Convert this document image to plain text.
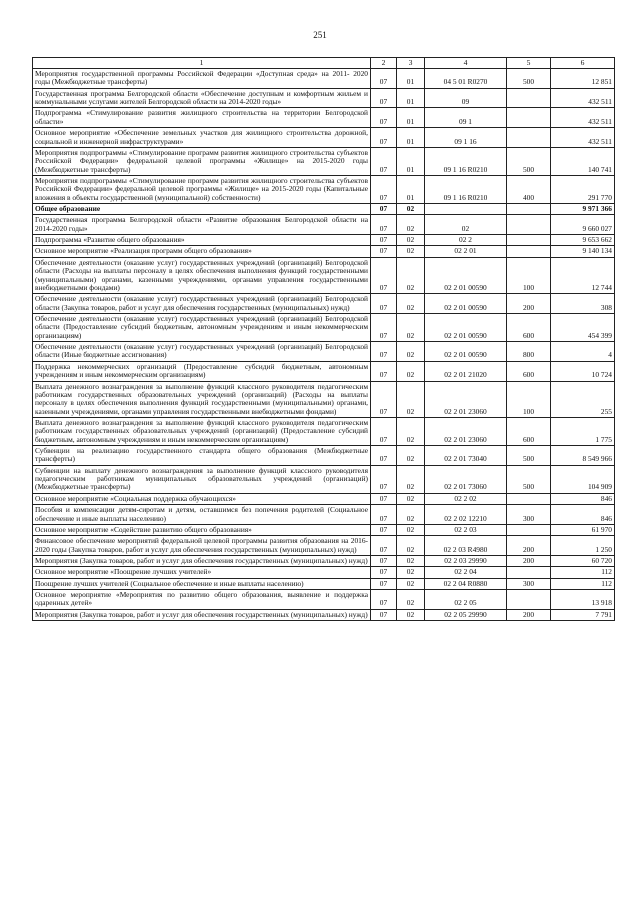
251
1	2	3	4	5	6
Мероприятия государственной программы Российской Федерации «Доступная среда» на 2011- 2020 годы (Межбюджетные трансферты)	07	01	04 5 01 R0270	500	12 851
Государственная программа Белгородской области «Обеспечение доступным и комфортным жильем и коммунальными услугами жителей Белгородской области на 2014-2020 годы»	07	01	09		432 511
Подпрограмма «Стимулирование развития жилищного строительства на территории Белгородской области»	07	01	09 1		432 511
Основное мероприятие «Обеспечение земельных участков для жилищного строительства дорожной, социальной и инженерной инфраструктурами»	07	01	09 1 16		432 511
Мероприятия подпрограммы «Стимулирование программ развития жилищного строительства субъектов Российской Федерации» федеральной целевой программы «Жилище» на 2015-2020 годы (Межбюджетные трансферты)	07	01	09 1 16 R0210	500	140 741
Мероприятия подпрограммы «Стимулирование программ развития жилищного строительства субъектов Российской Федерации» федеральной целевой программы «Жилище» на 2015-2020 годы (Капитальные вложения в объекты государственной (муниципальной) собственности)	07	01	09 1 16 R0210	400	291 770
Общее образование	07	02			9 971 366
Государственная программа Белгородской области «Развитие образования Белгородской области на 2014-2020 годы»	07	02	02		9 660 027
Подпрограмма «Развитие общего образования»	07	02	02 2		9 653 662
Основное мероприятие «Реализация программ общего образования»	07	02	02 2 01		9 140 134
Обеспечение деятельности (оказание услуг) государственных учреждений (организаций) Белгородской области (Расходы на выплаты персоналу в целях обеспечения выполнения функций государственными (муниципальными) органами, казенными учреждениями, органами управления государственными внебюджетными фондами)	07	02	02 2 01 00590	100	12 744
Обеспечение деятельности (оказание услуг) государственных учреждений (организаций) Белгородской области (Закупка товаров, работ и услуг для обеспечения государственных (муниципальных) нужд)	07	02	02 2 01 00590	200	308
Обеспечение деятельности (оказание услуг) государственных учреждений (организаций) Белгородской области (Предоставление субсидий бюджетным, автономным учреждениям и иным некоммерческим организациям)	07	02	02 2 01 00590	600	454 399
Обеспечение деятельности (оказание услуг) государственных учреждений (организаций) Белгородской области (Иные бюджетные ассигнования)	07	02	02 2 01 00590	800	4
Поддержка некоммерческих организаций (Предоставление субсидий бюджетным, автономным учреждениям и иным некоммерческим организациям)	07	02	02 2 01 21020	600	10 724
Выплата денежного вознаграждения за выполнение функций классного руководителя педагогическим работникам государственных образовательных учреждений (организаций) (Расходы на выплаты персоналу в целях обеспечения выполнения функций государственными (муниципальными) органами, казенными учреждениями, органами управления государственными внебюджетными фондами)	07	02	02 2 01 23060	100	255
Выплата денежного вознаграждения за выполнение функций классного руководителя педагогическим работникам государственных образовательных учреждений (организаций) (Предоставление субсидий бюджетным, автономным учреждениям и иным некоммерческим организациям)	07	02	02 2 01 23060	600	1 775
Субвенции на реализацию государственного стандарта общего образования (Межбюджетные трансферты)	07	02	02 2 01 73040	500	8 549 966
Субвенции на выплату денежного вознаграждения за выполнение функций классного руководителя педагогическим работникам муниципальных образовательных учреждений (организаций) (Межбюджетные трансферты)	07	02	02 2 01 73060	500	104 909
Основное мероприятие «Социальная поддержка обучающихся»	07	02	02 2 02		846
Пособия и компенсации детям-сиротам и детям, оставшимся без попечения родителей (Социальное обеспечение и иные выплаты населению)	07	02	02 2 02 12210	300	846
Основное мероприятие «Содействие развитию общего образования»	07	02	02 2 03		61 970
Финансовое обеспечение мероприятий федеральной целевой программы развития образования на 2016-2020 годы (Закупка товаров, работ и услуг для обеспечения государственных (муниципальных) нужд)	07	02	02 2 03 R4980	200	1 250
Мероприятия (Закупка товаров, работ и услуг для обеспечения государственных (муниципальных) нужд)	07	02	02 2 03 29990	200	60 720
Основное мероприятие «Поощрение лучших учителей»	07	02	02 2 04		112
Поощрение лучших учителей (Социальное обеспечение и иные выплаты населению)	07	02	02 2 04 R0880	300	112
Основное мероприятие «Мероприятия по развитию общего образования, выявление и поддержка одаренных детей»	07	02	02 2 05		13 918
Мероприятия (Закупка товаров, работ и услуг для обеспечения государственных (муниципальных) нужд)	07	02	02 2 05 29990	200	7 791
